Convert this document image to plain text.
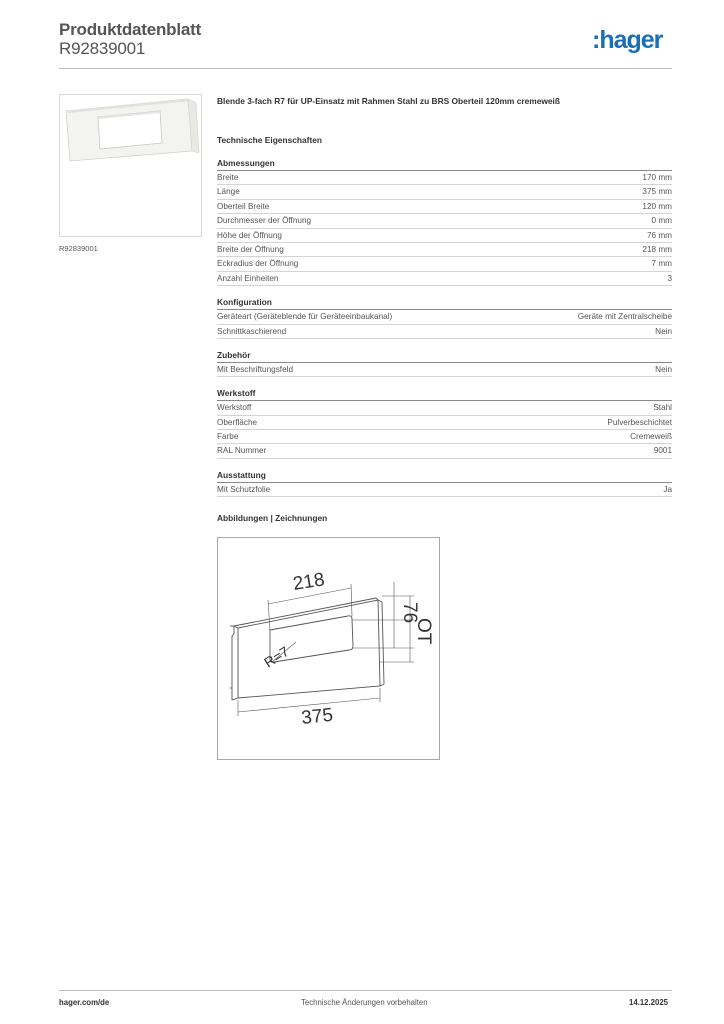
Produktdatenblatt
R92839001	:hager
R92839001
Blende 3-fach R7 für UP-Einsatz mit Rahmen Stahl zu BRS Oberteil 120mm cremeweiß
Technische Eigenschaften
Abmessungen
Breite	170 mm
Länge	375 mm
Oberteil Breite	120 mm
Durchmesser der Öffnung	0 mm
Höhe der Öffnung	76 mm
Breite der Öffnung	218 mm
Eckradius der Öffnung	7 mm
Anzahl Einheiten	3
Konfiguration
Geräteart (Geräteblende für Geräteeinbaukanal)	Geräte mit Zentralscheibe
Schnittkaschierend	Nein
Zubehör
Mit Beschriftungsfeld	Nein
Werkstoff
Werkstoff	Stahl
Oberfläche	Pulverbeschichtet
Farbe	Cremeweiß
RAL Nummer	9001
Ausstattung
Mit Schutzfolie	Ja
Abbildungen | Zeichnungen
218
76
OT
R=7
375
hager.com/de	Technische Änderungen vorbehalten	14.12.2025
